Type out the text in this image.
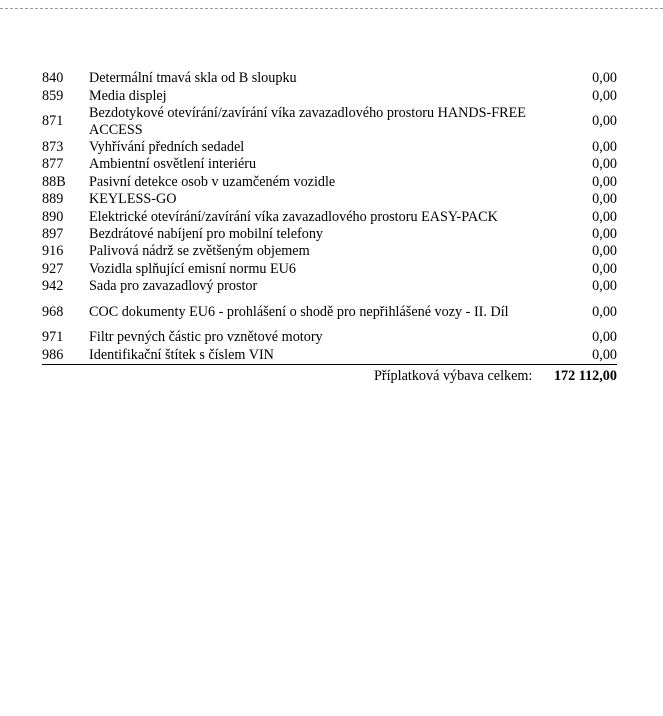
840	Determální tmavá skla od B sloupku	0,00
859	Media displej	0,00
871	Bezdotykové otevírání/zavírání víka zavazadlového prostoru HANDS-FREE ACCESS	0,00
873	Vyhřívání předních sedadel	0,00
877	Ambientní osvětlení interiéru	0,00
88B	Pasivní detekce osob v uzamčeném vozidle	0,00
889	KEYLESS-GO	0,00
890	Elektrické otevírání/zavírání víka zavazadlového prostoru EASY-PACK	0,00
897	Bezdrátové nabíjení pro mobilní telefony	0,00
916	Palivová nádrž se zvětšeným objemem	0,00
927	Vozidla splňující emisní normu EU6	0,00
942	Sada pro zavazadlový prostor	0,00
968	COC dokumenty EU6 - prohlášení o shodě pro nepřihlášené vozy - II. Díl	0,00
971	Filtr pevných částic pro vznětové motory	0,00
986	Identifikační štítek s číslem VIN	0,00
Příplatková výbava celkem: 172 112,00
